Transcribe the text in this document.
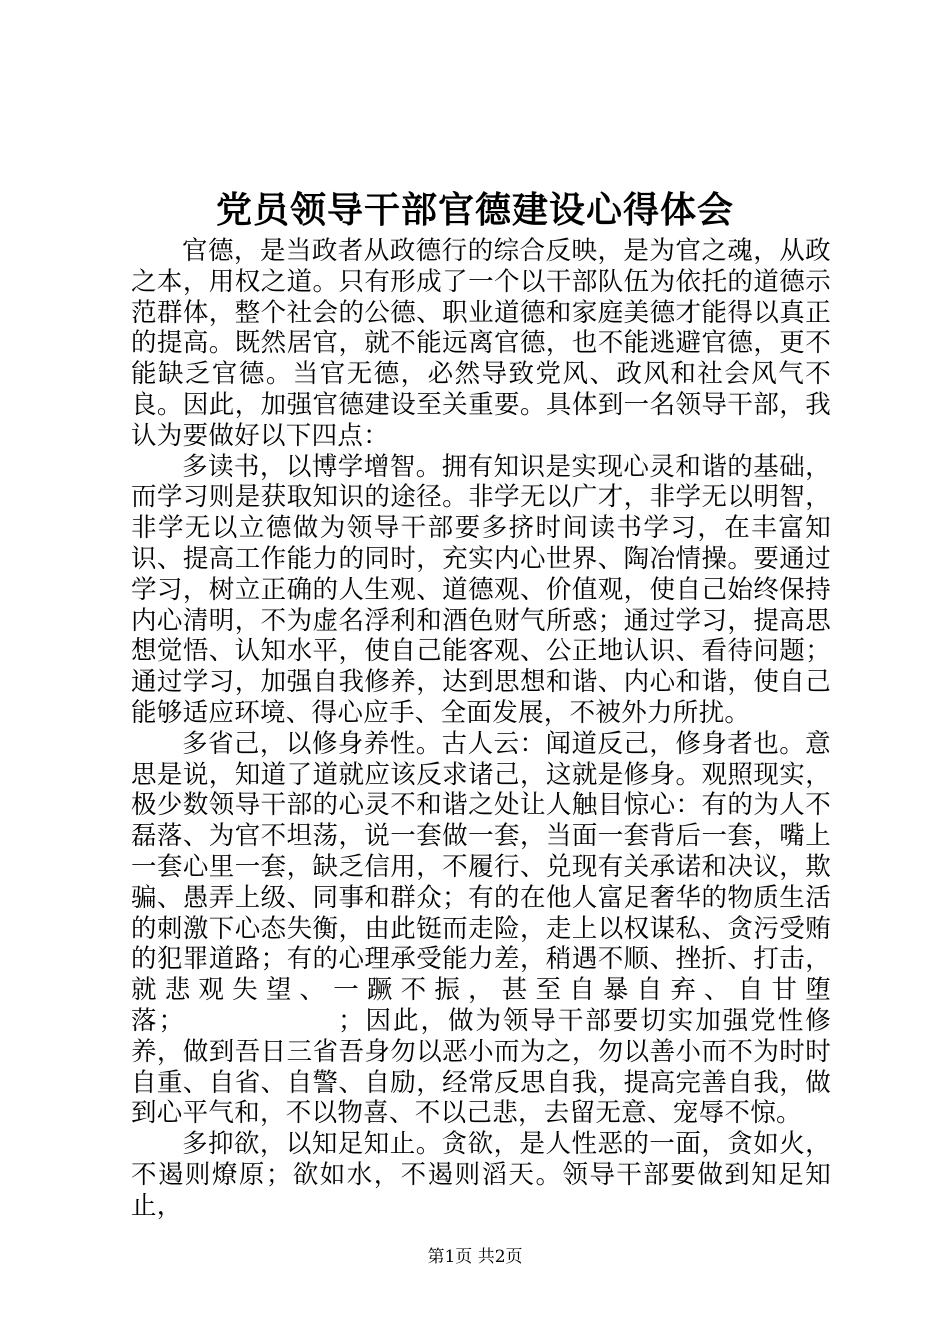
党员领导干部官德建设心得体会

官德，是当政者从政德行的综合反映，是为官之魂，从政之本，用权之道。只有形成了一个以干部队伍为依托的道德示范群体，整个社会的公德、职业道德和家庭美德才能得以真正的提高。既然居官，就不能远离官德，也不能逃避官德，更不能缺乏官德。当官无德，必然导致党风、政风和社会风气不良。因此，加强官德建设至关重要。具体到一名领导干部，我认为要做好以下四点：

多读书，以博学增智。拥有知识是实现心灵和谐的基础，而学习则是获取知识的途径。非学无以广才，非学无以明智，非学无以立德做为领导干部要多挤时间读书学习，在丰富知识、提高工作能力的同时，充实内心世界、陶冶情操。要通过学习，树立正确的人生观、道德观、价值观，使自己始终保持内心清明，不为虚名浮利和酒色财气所惑；通过学习，提高思想觉悟、认知水平，使自己能客观、公正地认识、看待问题；通过学习，加强自我修养，达到思想和谐、内心和谐，使自己能够适应环境、得心应手、全面发展，不被外力所扰。

多省己，以修身养性。古人云：闻道反己，修身者也。意思是说，知道了道就应该反求诸己，这就是修身。观照现实，极少数领导干部的心灵不和谐之处让人触目惊心：有的为人不磊落、为官不坦荡，说一套做一套，当面一套背后一套，嘴上一套心里一套，缺乏信用，不履行、兑现有关承诺和决议，欺骗、愚弄上级、同事和群众；有的在他人富足奢华的物质生活的刺激下心态失衡，由此铤而走险，走上以权谋私、贪污受贿的犯罪道路；有的心理承受能力差，稍遇不顺、挫折、打击，就悲观失望、一蹶不振，甚至自暴自弃、自甘堕落；　　　　　　；因此，做为领导干部要切实加强党性修养，做到吾日三省吾身勿以恶小而为之，勿以善小而不为时时自重、自省、自警、自励，经常反思自我，提高完善自我，做到心平气和，不以物喜、不以己悲，去留无意、宠辱不惊。

多抑欲，以知足知止。贪欲，是人性恶的一面，贪如火，不遏则燎原；欲如水，不遏则滔天。领导干部要做到知足知止，

第1页 共2页
